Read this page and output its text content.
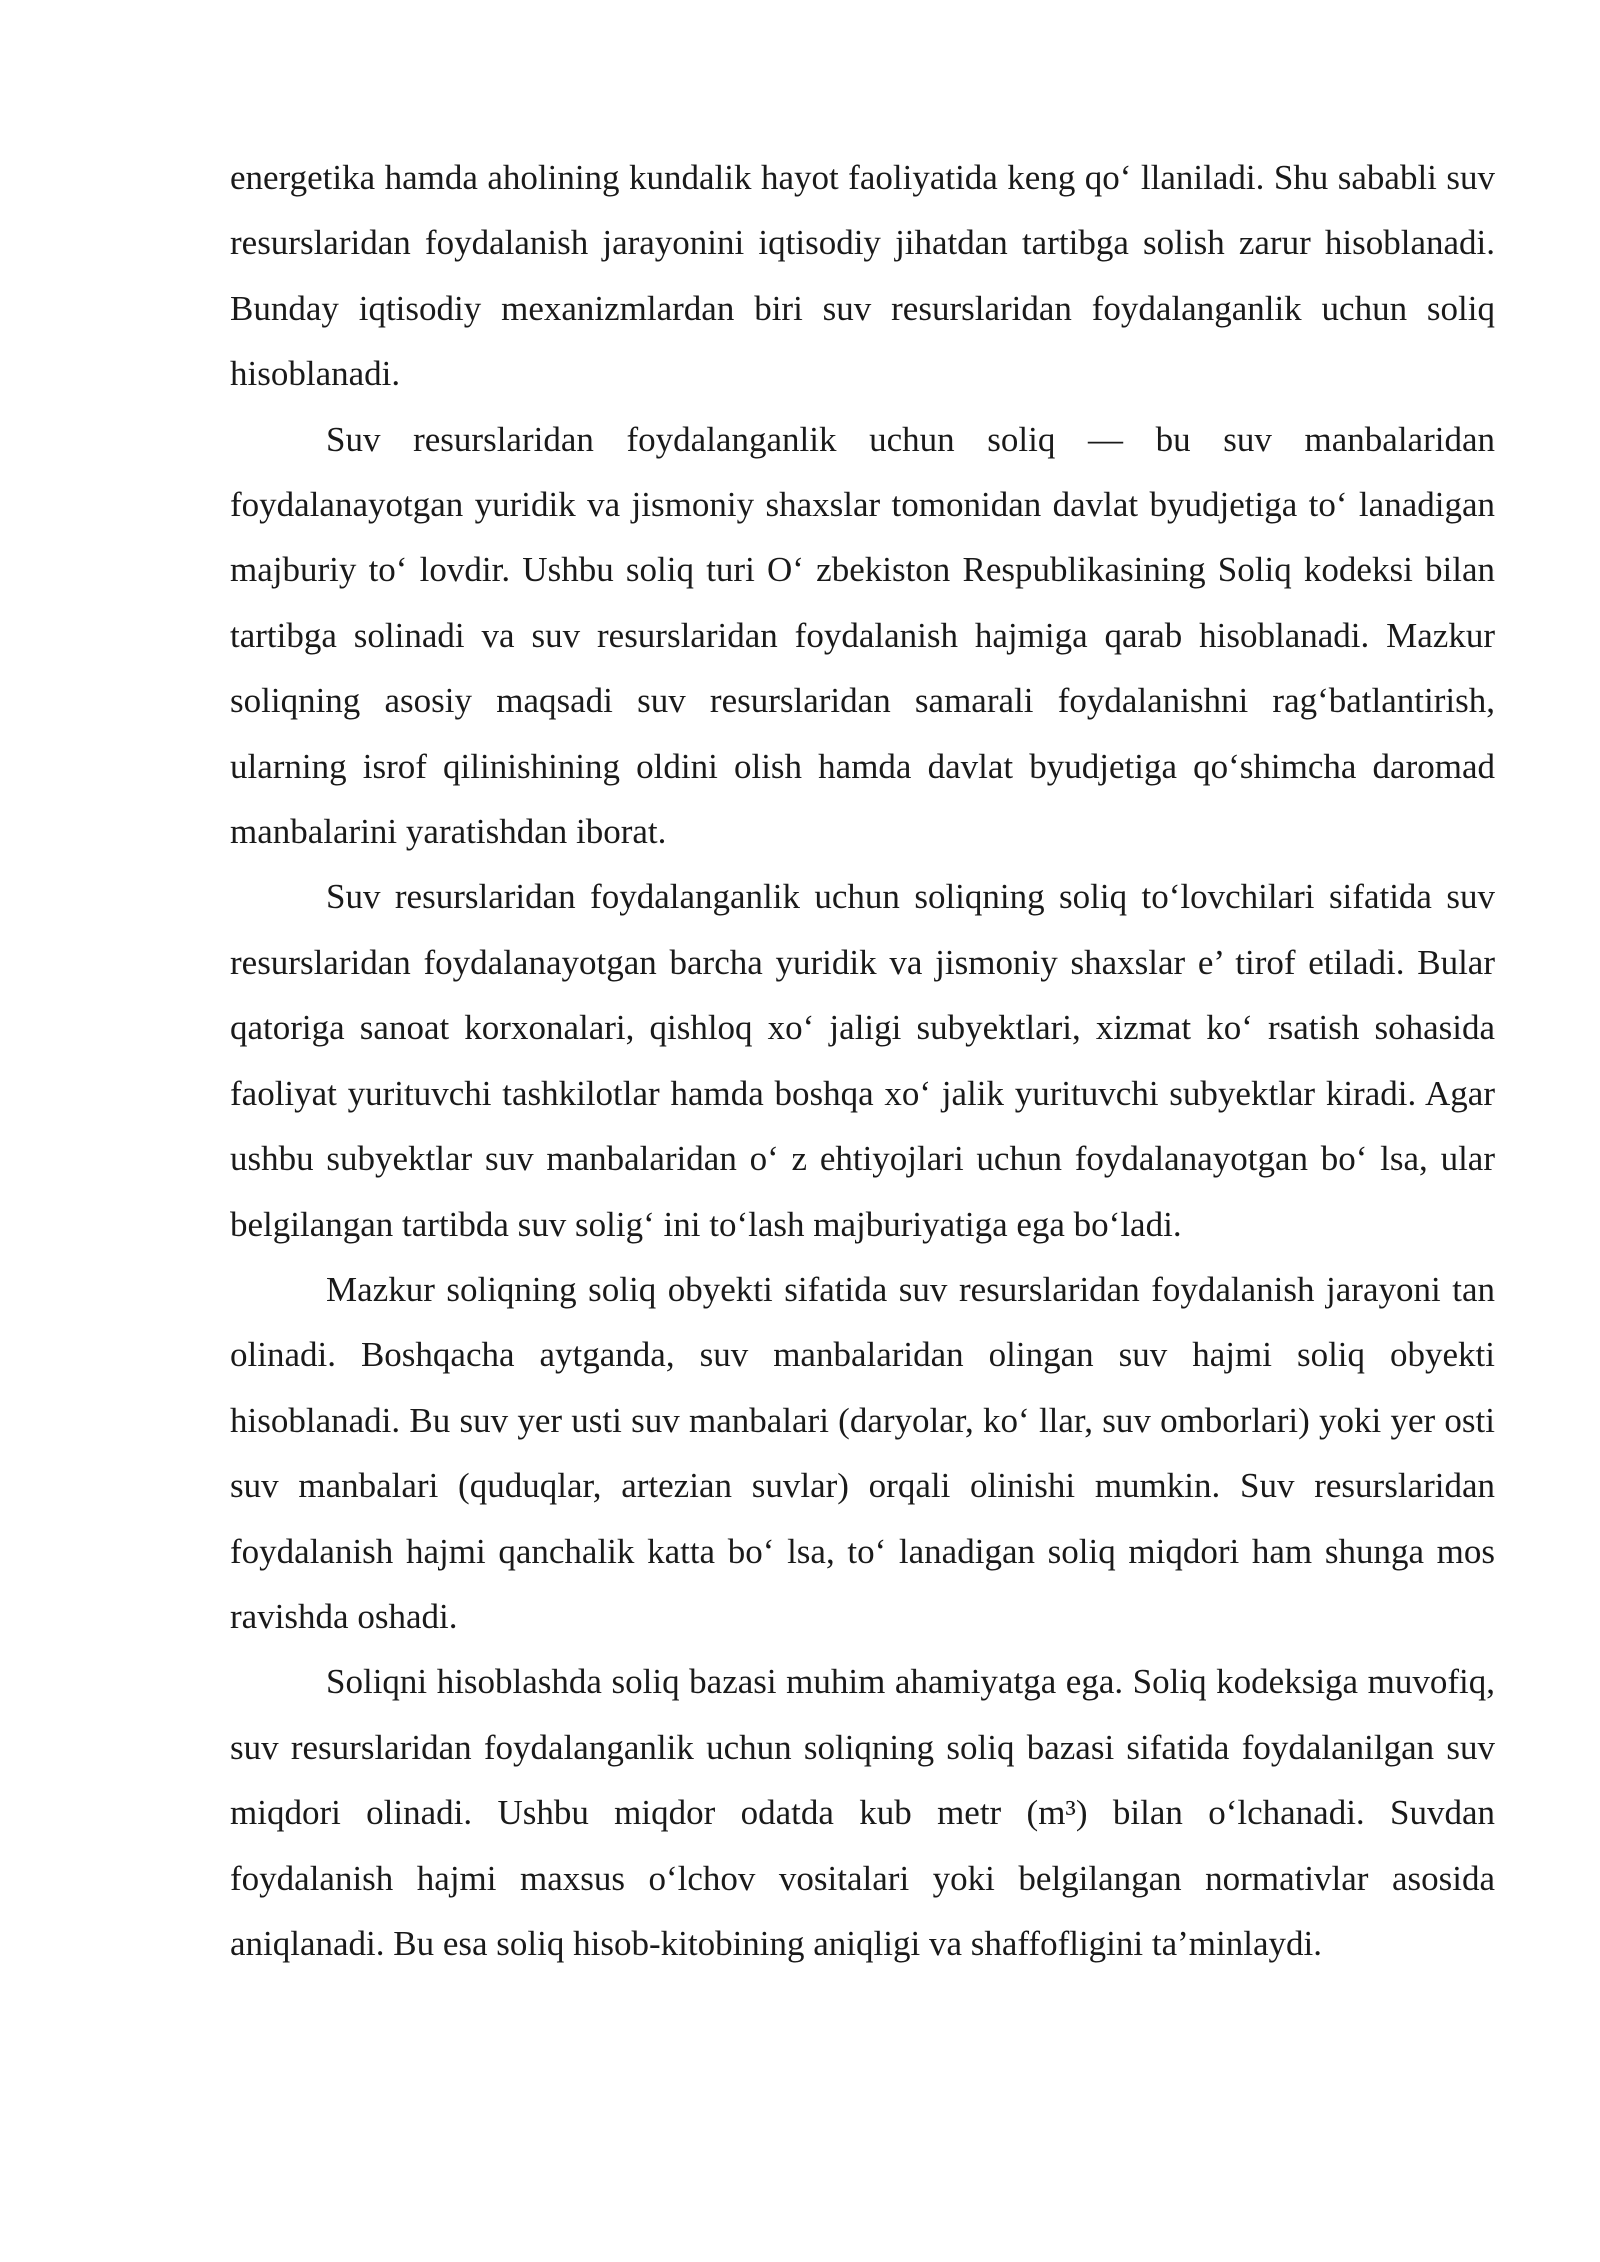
energetika hamda aholining kundalik hayot faoliyatida keng qo‘ llaniladi. Shu sababli suv resurslaridan foydalanish jarayonini iqtisodiy jihatdan tartibga solish zarur hisoblanadi. Bunday iqtisodiy mexanizmlardan biri suv resurslaridan foydalanganlik uchun soliq hisoblanadi.

Suv resurslaridan foydalanganlik uchun soliq — bu suv manbalaridan foydalanayotgan yuridik va jismoniy shaxslar tomonidan davlat byudjetiga to‘ lanadigan majburiy to‘ lovdir. Ushbu soliq turi O‘ zbekiston Respublikasining Soliq kodeksi bilan tartibga solinadi va suv resurslaridan foydalanish hajmiga qarab hisoblanadi. Mazkur soliqning asosiy maqsadi suv resurslaridan samarali foydalanishni rag‘batlantirish, ularning isrof qilinishining oldini olish hamda davlat byudjetiga qo‘shimcha daromad manbalarini yaratishdan iborat.

Suv resurslaridan foydalanganlik uchun soliqning soliq to‘lovchilari sifatida suv resurslaridan foydalanayotgan barcha yuridik va jismoniy shaxslar e’ tirof etiladi. Bular qatoriga sanoat korxonalari, qishloq xo‘ jaligi subyektlari, xizmat ko‘ rsatish sohasida faoliyat yurituvchi tashkilotlar hamda boshqa xo‘ jalik yurituvchi subyektlar kiradi. Agar ushbu subyektlar suv manbalaridan o‘ z ehtiyojlari uchun foydalanayotgan bo‘ lsa, ular belgilangan tartibda suv solig‘ ini to‘lash majburiyatiga ega bo‘ladi.

Mazkur soliqning soliq obyekti sifatida suv resurslaridan foydalanish jarayoni tan olinadi. Boshqacha aytganda, suv manbalaridan olingan suv hajmi soliq obyekti hisoblanadi. Bu suv yer usti suv manbalari (daryolar, ko‘ llar, suv omborlari) yoki yer osti suv manbalari (quduqlar, artezian suvlar) orqali olinishi mumkin. Suv resurslaridan foydalanish hajmi qanchalik katta bo‘ lsa, to‘ lanadigan soliq miqdori ham shunga mos ravishda oshadi.

Soliqni hisoblashda soliq bazasi muhim ahamiyatga ega. Soliq kodeksiga muvofiq, suv resurslaridan foydalanganlik uchun soliqning soliq bazasi sifatida foydalanilgan suv miqdori olinadi. Ushbu miqdor odatda kub metr (m³) bilan o‘lchanadi. Suvdan foydalanish hajmi maxsus o‘lchov vositalari yoki belgilangan normativlar asosida aniqlanadi. Bu esa soliq hisob-kitobining aniqligi va shaffofligini ta’minlaydi.
